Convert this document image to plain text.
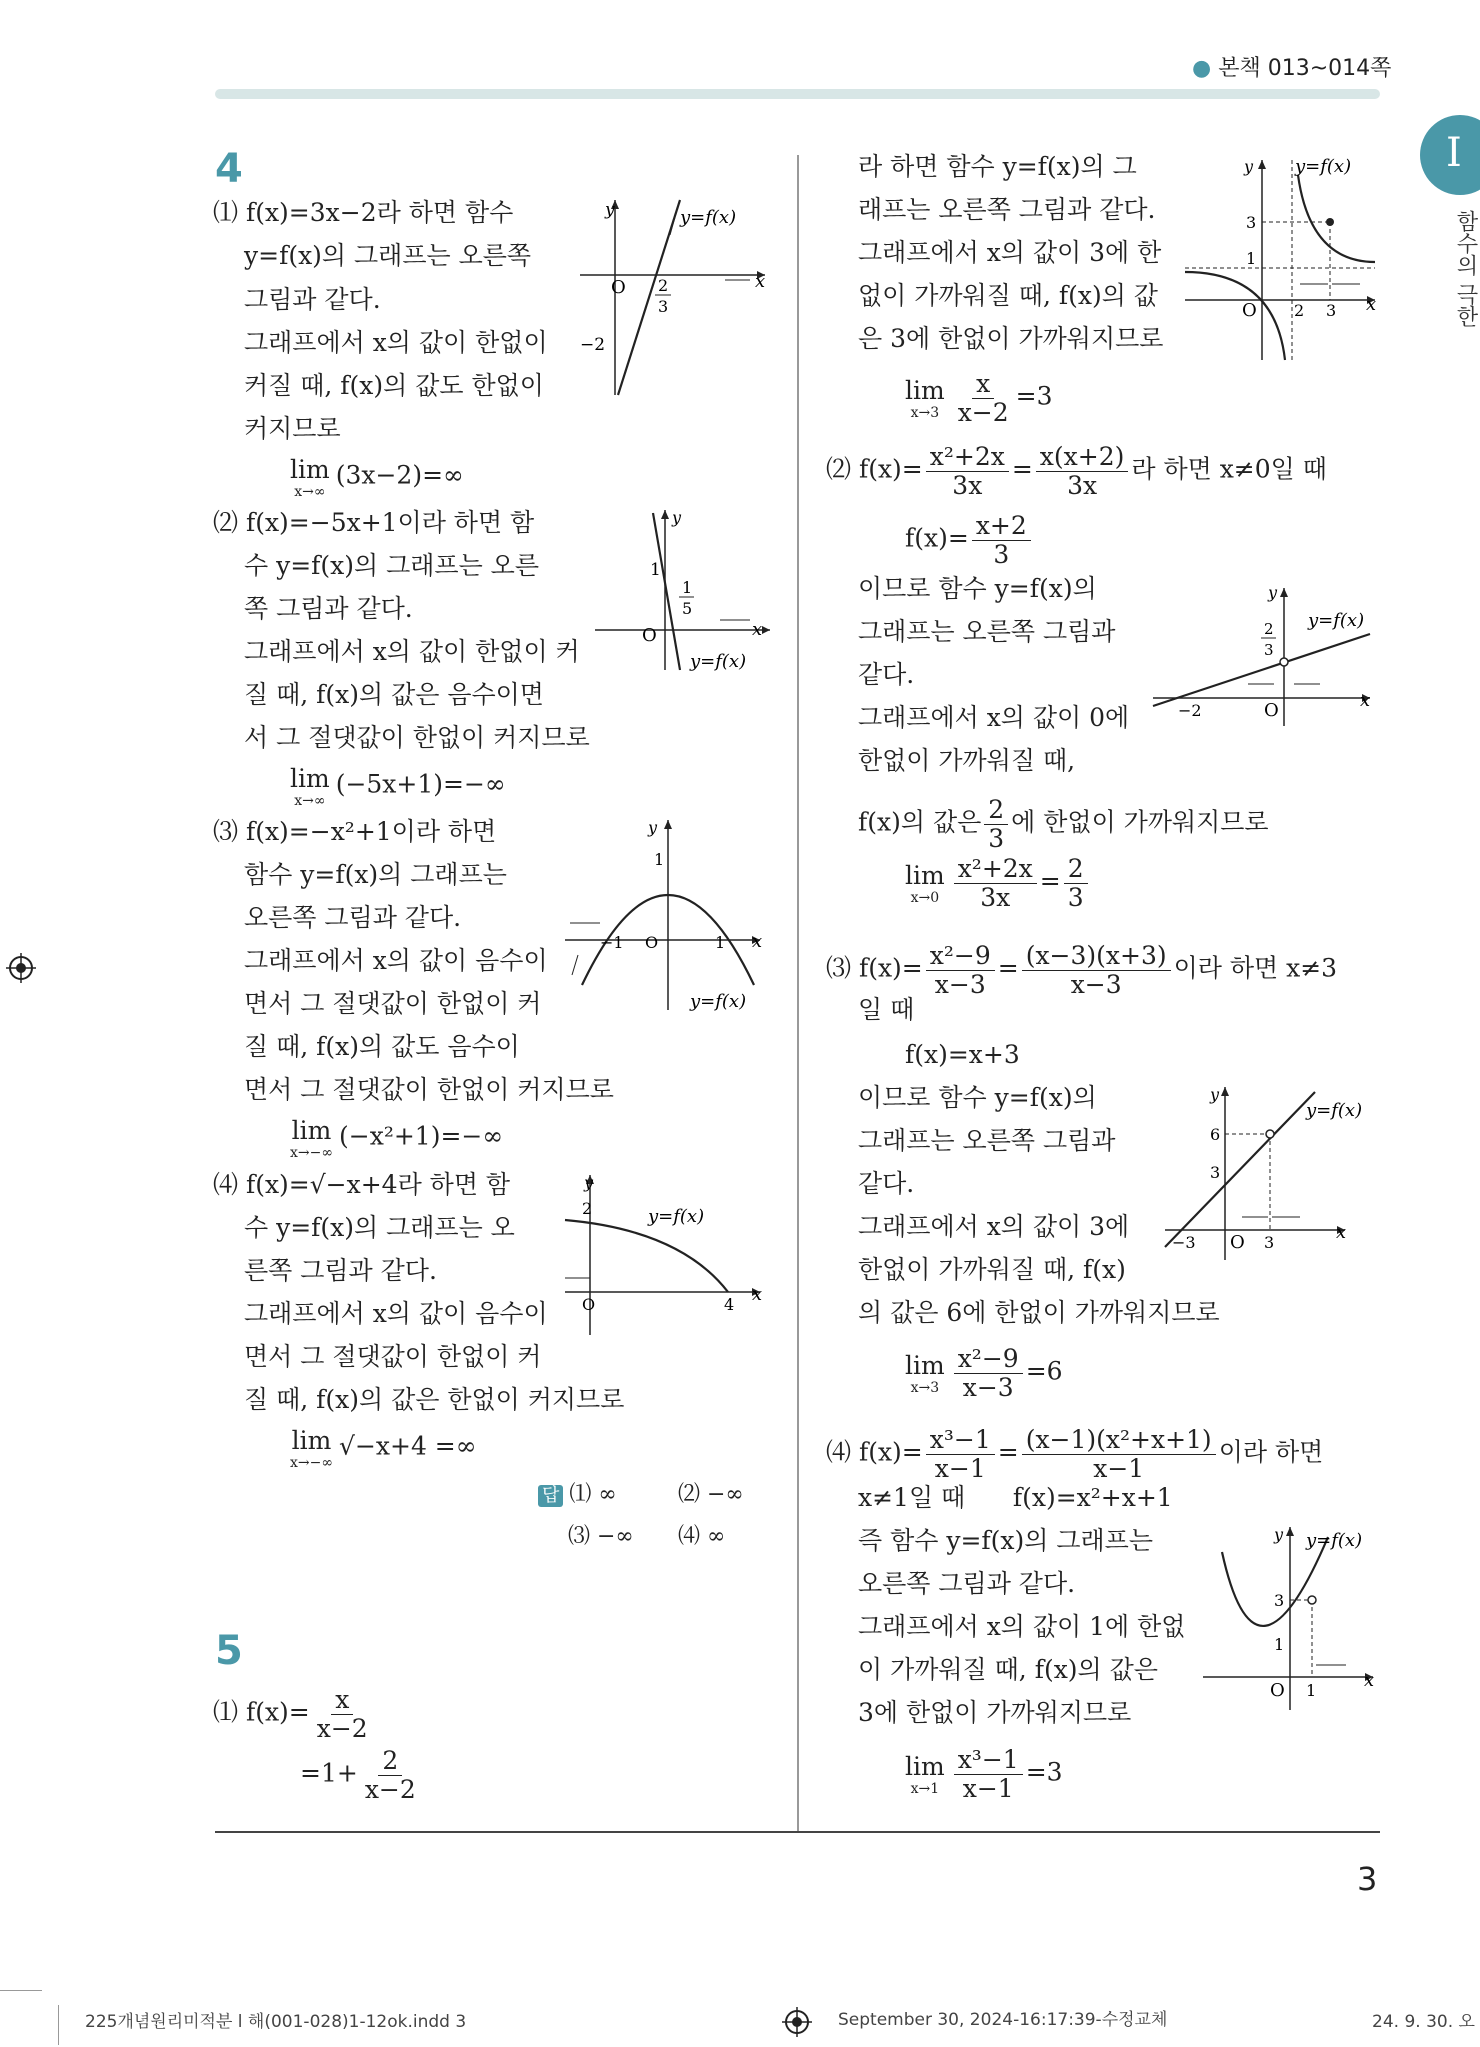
● 본책 013~014쪽
I
함수의 극한
4
⑴ f(x)=3x−2라 하면 함수
y=f(x)의 그래프는 오른쪽
그림과 같다.
그래프에서 x의 값이 한없이
커질 때, f(x)의 값도 한없이
커지므로
lim
x→∞
(3x−2)=∞
y
x
O 2
3
−2
y=f(x)
⑵ f(x)=−5x+1이라 하면 함
수 y=f(x)의 그래프는 오른
쪽 그림과 같다.
그래프에서 x의 값이 한없이 커
질 때, f(x)의 값은 음수이면
서 그 절댓값이 한없이 커지므로
lim
x→∞
(−5x+1)=−∞
y
x
O
1
1
5
y=f(x)
⑶ f(x)=−x²+1이라 하면
함수 y=f(x)의 그래프는
오른쪽 그림과 같다.
그래프에서 x의 값이 음수이
면서 그 절댓값이 한없이 커
질 때, f(x)의 값도 음수이
면서 그 절댓값이 한없이 커지므로
lim
x→−∞
(−x²+1)=−∞
y
x
1
−1 O	1
y=f(x)
⑷ f(x)=√−x+4라 하면 함
수 y=f(x)의 그래프는 오
른쪽 그림과 같다.
그래프에서 x의 값이 음수이
면서 그 절댓값이 한없이 커
질 때, f(x)의 값은 한없이 커지므로
lim
x→−∞
√−x+4 =∞
y
x
2
O	4
y=f(x)
답 ⑴ ∞	⑵ −∞
⑶ −∞ ⑷ ∞
5
⑴ $f(x)= \frac{x}{x-2}$
$=1+ \frac{2}{x-2}$
라 하면 함수 y=f(x)의 그
래프는 오른쪽 그림과 같다.
그래프에서 x의 값이 3에 한
없이 가까워질 때, f(x)의 값
은 3에 한없이 가까워지므로
lim
$x\to 3 \frac{x}{x-2} =3$
y y=f(x)
x
3
1
O 2 3
⑵ $f(x)= \frac{\text{x²+2x}}{3x} = \frac{x(x+2)}{3x}$ 라 하면 x≠0일 때
$f(x)= \frac{x+2}{3}$
이므로 함수 y=f(x)의
그래프는 오른쪽 그림과
같다.
그래프에서 x의 값이 0에
한없이 가까워질 때,
f(x)의 값은 $\frac{2}{3}$ 에 한없이 가까워지므로
lim
$x\to 0 \frac{\text{x²+2x}}{3x} = \frac{2}{3}$
y
y=f(x)
x
2
3
−2	O
⑶ $f(x)= \frac{\text{x²−9}}{x-3} = \frac{(x-3)(x+3)}{x-3}$ 이라 하면 x≠3
일 때
f(x)=x+3
이므로 함수 y=f(x)의
그래프는 오른쪽 그림과
같다.
그래프에서 x의 값이 3에
한없이 가까워질 때, f(x)
의 값은 6에 한없이 가까워지므로
lim
$x\to 3 \frac{\text{x²−9}}{x-3} =6$
y
y=f(x)
x
6
3
−3 O 3
⑷ $f(x)= \frac{\text{x³−1}}{x-1} = \frac{\text{(x−1)(x²+x+1)}}{x-1}$ 이라 하면
x≠1일 때      f(x)=x²+x+1
즉 함수 y=f(x)의 그래프는
오른쪽 그림과 같다.
그래프에서 x의 값이 1에 한없
이 가까워질 때, f(x)의 값은
3에 한없이 가까워지므로
lim
$x\to 1 \frac{\text{x³−1}}{x-1} =3$
y y=f(x)
x
3
1
O 1
3
225개념원리미적분 l 해(001-028)1-12ok.indd 3	September 30, 2024-16:17:39-수정교체	24. 9. 30. 오
